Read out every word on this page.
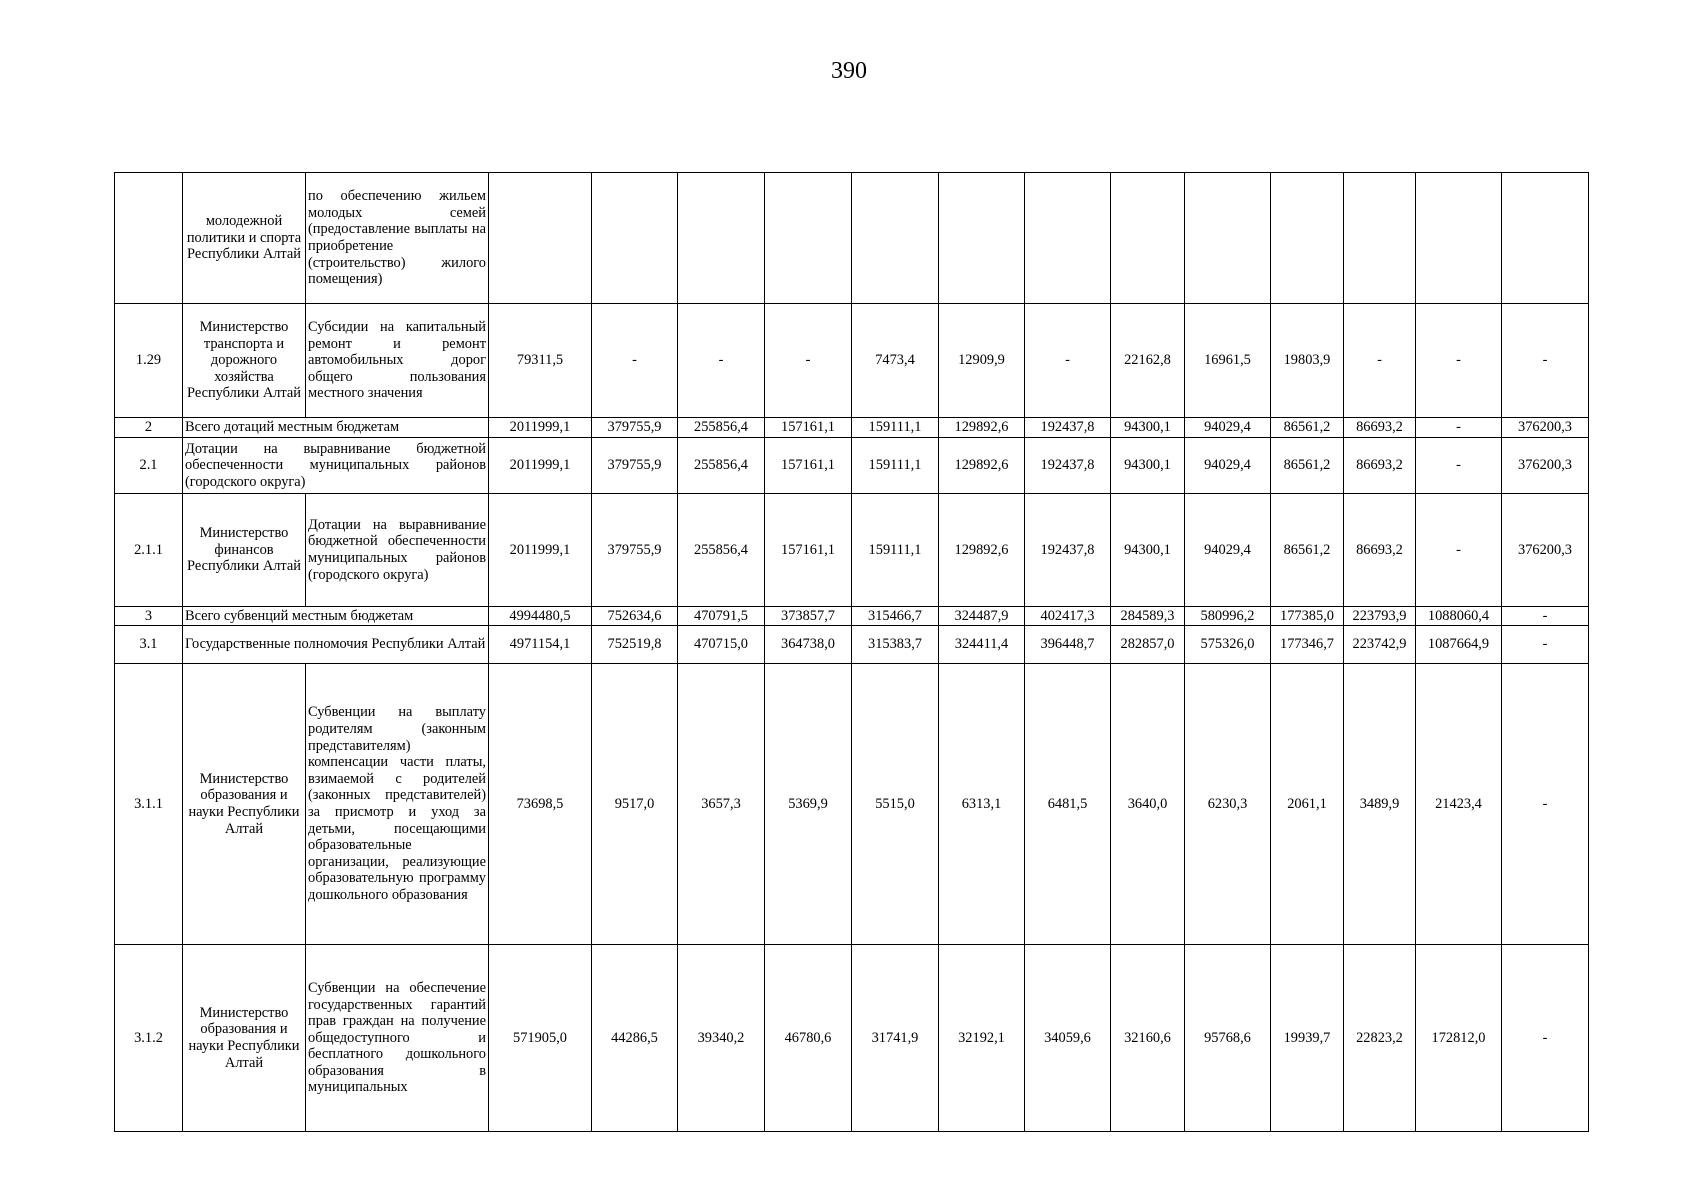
390
	молодежной политики и спорта Республики Алтай	по обеспечению жильем молодых семей (предоставление выплаты на приобретение (строительство) жилого помещения)													
1.29	Министерство транспорта и дорожного хозяйства Республики Алтай	Субсидии на капитальный ремонт и ремонт автомобильных дорог общего пользования местного значения	79311,5	-	-	-	7473,4	12909,9	-	22162,8	16961,5	19803,9	-	-	-
2	Всего дотаций местным бюджетам		2011999,1	379755,9	255856,4	157161,1	159111,1	129892,6	192437,8	94300,1	94029,4	86561,2	86693,2	-	376200,3
2.1	Дотации на выравнивание бюджетной обеспеченности муниципальных районов (городского округа)		2011999,1	379755,9	255856,4	157161,1	159111,1	129892,6	192437,8	94300,1	94029,4	86561,2	86693,2	-	376200,3
2.1.1	Министерство финансов Республики Алтай	Дотации на выравнивание бюджетной обеспеченности муниципальных районов (городского округа)	2011999,1	379755,9	255856,4	157161,1	159111,1	129892,6	192437,8	94300,1	94029,4	86561,2	86693,2	-	376200,3
3	Всего субвенций местным бюджетам		4994480,5	752634,6	470791,5	373857,7	315466,7	324487,9	402417,3	284589,3	580996,2	177385,0	223793,9	1088060,4	-
3.1	Государственные полномочия Республики Алтай		4971154,1	752519,8	470715,0	364738,0	315383,7	324411,4	396448,7	282857,0	575326,0	177346,7	223742,9	1087664,9	-
3.1.1	Министерство образования и науки Республики Алтай	Субвенции на выплату родителям (законным представителям) компенсации части платы, взимаемой с родителей (законных представителей) за присмотр и уход за детьми, посещающими образовательные организации, реализующие образовательную программу дошкольного образования	73698,5	9517,0	3657,3	5369,9	5515,0	6313,1	6481,5	3640,0	6230,3	2061,1	3489,9	21423,4	-
3.1.2	Министерство образования и науки Республики Алтай	Субвенции на обеспечение государственных гарантий прав граждан на получение общедоступного и бесплатного дошкольного образования в муниципальных	571905,0	44286,5	39340,2	46780,6	31741,9	32192,1	34059,6	32160,6	95768,6	19939,7	22823,2	172812,0	-
